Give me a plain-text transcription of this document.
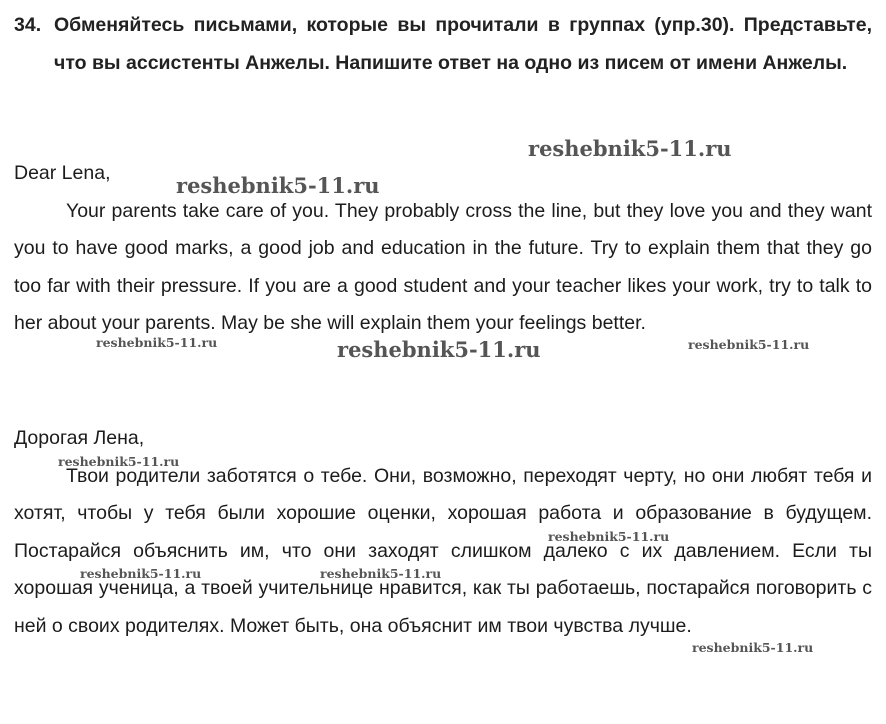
34. Обменяйтесь письмами, которые вы прочитали в группах (упр.30). Представьте, что вы ассистенты Анжелы. Напишите ответ на одно из писем от имени Анжелы.
Dear Lena,

Your parents take care of you. They probably cross the line, but they love you and they want you to have good marks, a good job and education in the future. Try to explain them that they go too far with their pressure. If you are a good student and your teacher likes your work, try to talk to her about your parents. May be she will explain them your feelings better.

Дорогая Лена,

Твои родители заботятся о тебе. Они, возможно, переходят черту, но они любят тебя и хотят, чтобы у тебя были хорошие оценки, хорошая работа и образование в будущем. Постарайся объяснить им, что они заходят слишком далеко с их давлением. Если ты хорошая ученица, а твоей учительнице нравится, как ты работаешь, постарайся поговорить с ней о своих родителях. Может быть, она объяснит им твои чувства лучше.

reshebnik5-11.ru
reshebnik5-11.ru
reshebnik5-11.ru
reshebnik5-11.ru	reshebnik5-11.ru
reshebnik5-11.ru
reshebnik5-11.ru
reshebnik5-11.ru	reshebnik5-11.ru
reshebnik5-11.ru
